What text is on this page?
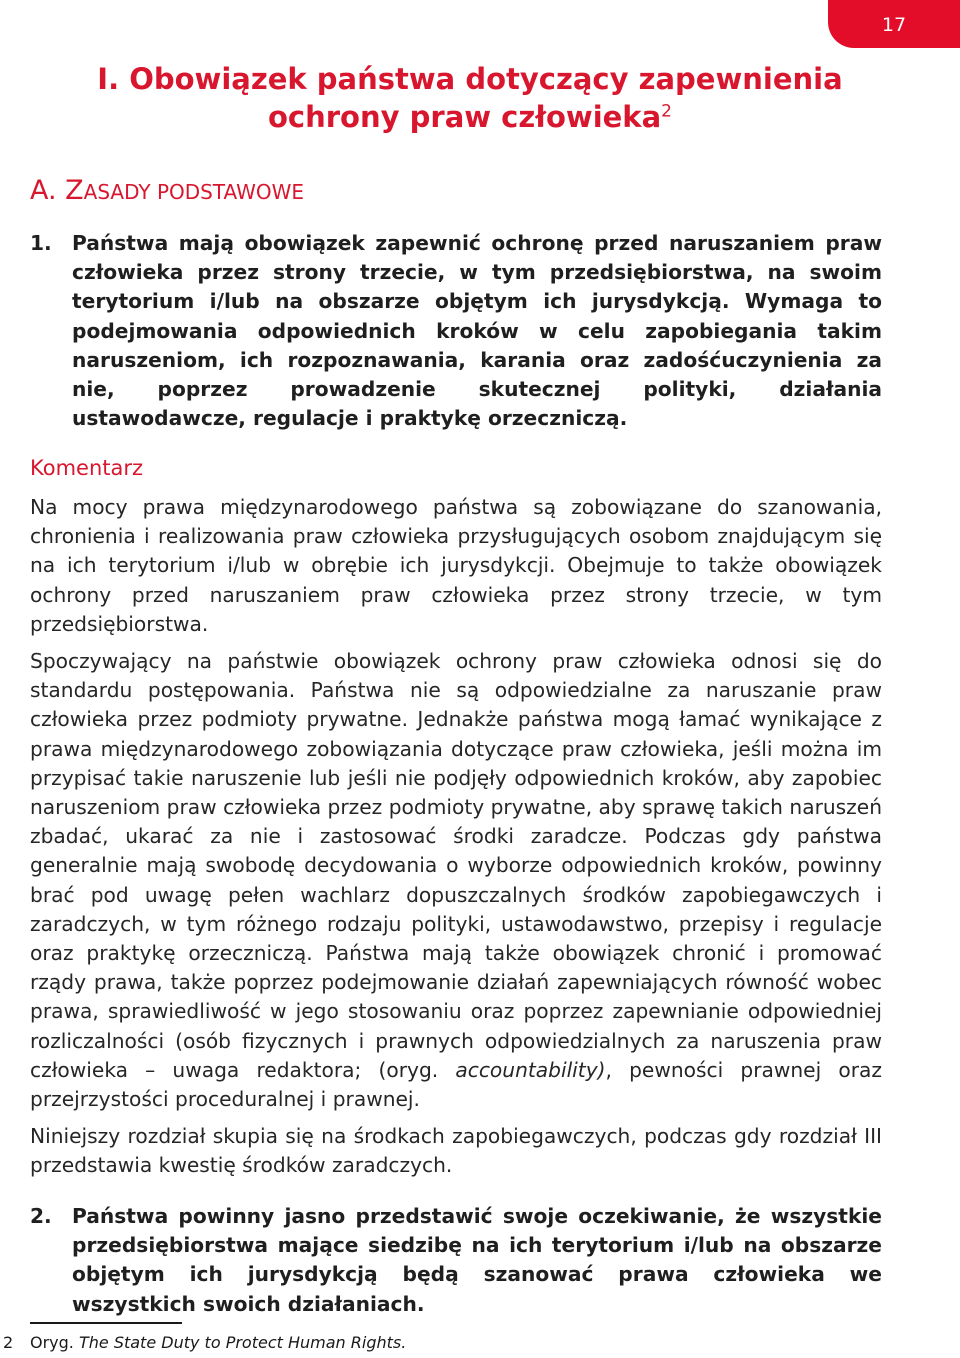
17
I. Obowiązek państwa dotyczący zapewnienia
ochrony praw człowieka$^2$
A. ZASADY PODSTAWOWE
1. Państwa mają obowiązek zapewnić ochronę przed naruszaniem praw człowieka przez strony trzecie, w tym przedsiębiorstwa, na swoim terytorium i/lub na obszarze objętym ich jurysdykcją. Wymaga to podejmowania odpowiednich kroków w celu zapobiegania takim naruszeniom, ich rozpoznawania, karania oraz zadośćuczynienia za nie, poprzez prowadzenie skutecznej polityki, działania ustawodawcze, regulacje i praktykę orzeczniczą.
Komentarz

Na mocy prawa międzynarodowego państwa są zobowiązane do szanowania, chronienia i realizowania praw człowieka przysługujących osobom znajdującym się na ich terytorium i/lub w obrębie ich jurysdykcji. Obejmuje to także obowiązek ochrony przed naruszaniem praw człowieka przez strony trzecie, w tym przedsiębiorstwa.

Spoczywający na państwie obowiązek ochrony praw człowieka odnosi się do standardu postępowania. Państwa nie są odpowiedzialne za naruszanie praw człowieka przez podmioty prywatne. Jednakże państwa mogą łamać wynikające z prawa międzynarodowego zobowiązania dotyczące praw człowieka, jeśli można im przypisać takie naruszenie lub jeśli nie podjęły odpowiednich kroków, aby zapobiec naruszeniom praw człowieka przez podmioty prywatne, aby sprawę takich naruszeń zbadać, ukarać za nie i zastosować środki zaradcze. Podczas gdy państwa generalnie mają swobodę decydowania o wyborze odpowiednich kroków, powinny brać pod uwagę pełen wachlarz dopuszczalnych środków zapobiegawczych i zaradczych, w tym różnego rodzaju polityki, ustawodawstwo, przepisy i regulacje oraz praktykę orzeczniczą. Państwa mają także obowiązek chronić i promować rządy prawa, także poprzez podejmowanie działań zapewniających równość wobec prawa, sprawiedliwość w jego stosowaniu oraz poprzez zapewnianie odpowiedniej rozliczalności (osób fizycznych i prawnych odpowiedzialnych za naruszenia praw człowieka – uwaga redaktora; (oryg. accountability), pewności prawnej oraz przejrzystości proceduralnej i prawnej.

Niniejszy rozdział skupia się na środkach zapobiegawczych, podczas gdy rozdział III przedstawia kwestię środków zaradczych.

2. Państwa powinny jasno przedstawić swoje oczekiwanie, że wszystkie przedsiębiorstwa mające siedzibę na ich terytorium i/lub na obszarze objętym ich jurysdykcją będą szanować prawa człowieka we wszystkich swoich działaniach.
2 Oryg. The State Duty to Protect Human Rights.
